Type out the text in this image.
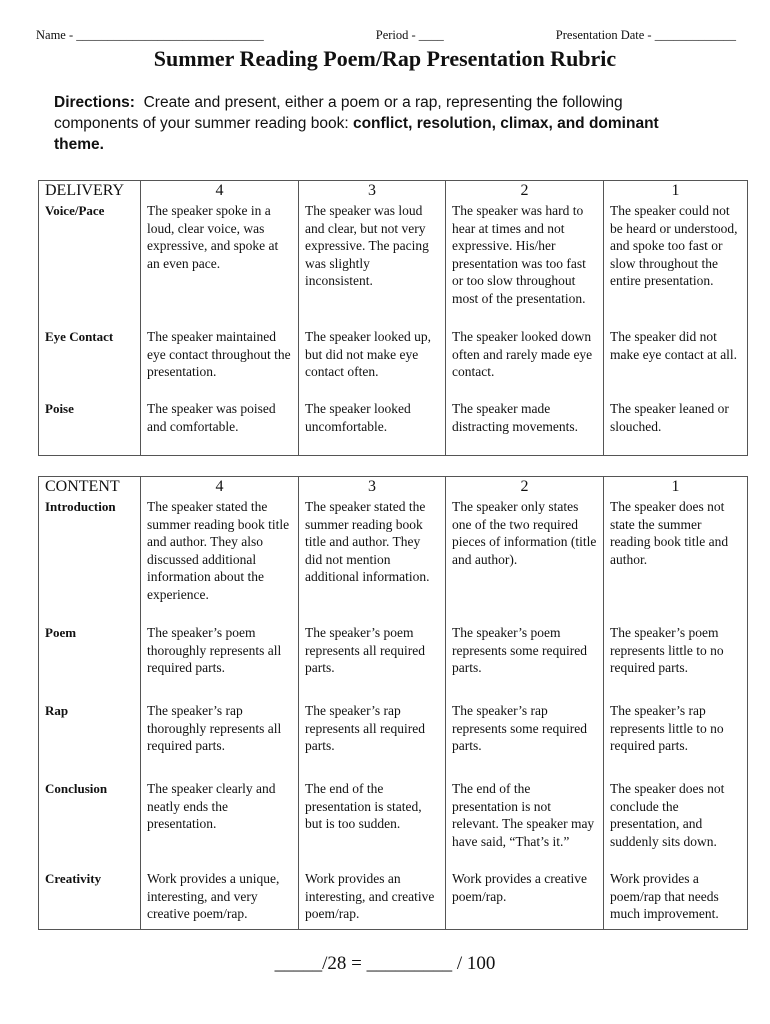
Name - ______________________________	Period - ____	Presentation Date - _____________
Summer Reading Poem/Rap Presentation Rubric
Directions: Create and present, either a poem or a rap, representing the following components of your summer reading book: conflict, resolution, climax, and dominant theme.
DELIVERY	4	3	2	1
Voice/Pace	The speaker spoke in a loud, clear voice, was expressive, and spoke at an even pace.	The speaker was loud and clear, but not very expressive. The pacing was slightly inconsistent.	The speaker was hard to hear at times and not expressive. His/her presentation was too fast or too slow throughout most of the presentation.	The speaker could not be heard or understood, and spoke too fast or slow throughout the entire presentation.
Eye Contact	The speaker maintained eye contact throughout the presentation.	The speaker looked up, but did not make eye contact often.	The speaker looked down often and rarely made eye contact.	The speaker did not make eye contact at all.
Poise	The speaker was poised and comfortable.	The speaker looked uncomfortable.	The speaker made distracting movements.	The speaker leaned or slouched.
CONTENT	4	3	2	1
Introduction	The speaker stated the summer reading book title and author. They also discussed additional information about the experience.	The speaker stated the summer reading book title and author. They did not mention additional information.	The speaker only states one of the two required pieces of information (title and author).	The speaker does not state the summer reading book title and author.
Poem	The speaker’s poem thoroughly represents all required parts.	The speaker’s poem represents all required parts.	The speaker’s poem represents some required parts.	The speaker’s poem represents little to no required parts.
Rap	The speaker’s rap thoroughly represents all required parts.	The speaker’s rap represents all required parts.	The speaker’s rap represents some required parts.	The speaker’s rap represents little to no required parts.
Conclusion	The speaker clearly and neatly ends the presentation.	The end of the presentation is stated, but is too sudden.	The end of the presentation is not relevant. The speaker may have said, “That’s it.”	The speaker does not conclude the presentation, and suddenly sits down.
Creativity	Work provides a unique, interesting, and very creative poem/rap.	Work provides an interesting, and creative poem/rap.	Work provides a creative poem/rap.	Work provides a poem/rap that needs much improvement.
_____/28 = _________ / 100
